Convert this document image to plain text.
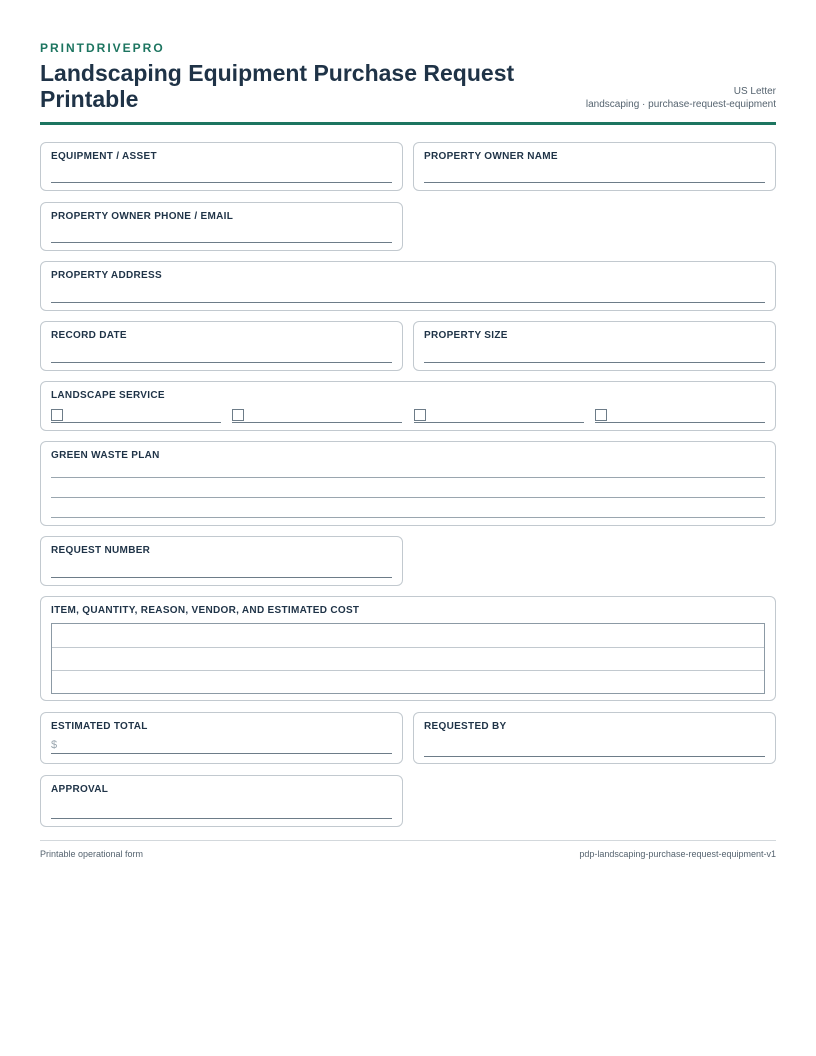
PRINTDRIVEPRO
Landscaping Equipment Purchase Request Printable	US Letter
landscaping · purchase-request-equipment
EQUIPMENT / ASSET	PROPERTY OWNER NAME
PROPERTY OWNER PHONE / EMAIL
PROPERTY ADDRESS
RECORD DATE	PROPERTY SIZE
LANDSCAPE SERVICE
GREEN WASTE PLAN
REQUEST NUMBER
ITEM, QUANTITY, REASON, VENDOR, AND ESTIMATED COST
ESTIMATED TOTAL
$
REQUESTED BY
APPROVAL
Printable operational form	pdp-landscaping-purchase-request-equipment-v1
